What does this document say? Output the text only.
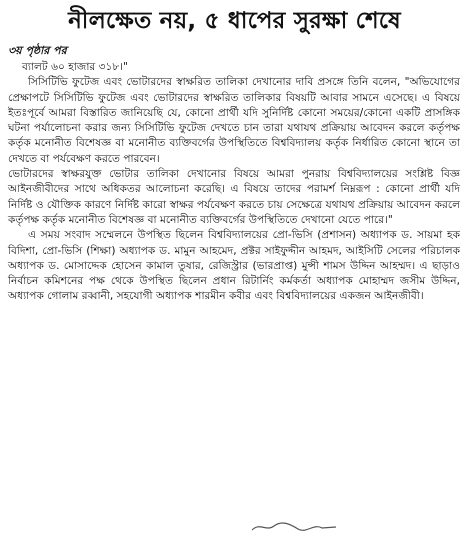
নীলক্ষেত নয়, ৫ ধাপের সুরক্ষা শেষে

৩য় পৃষ্ঠার পর

ব্যালট ৬০ হাজার ৩১৮।"

সিসিটিভি ফুটেজ এবং ভোটারদের স্বাক্ষরিত তালিকা দেখানোর দাবি প্রসঙ্গে তিনি বলেন, "অভিযোগের প্রেক্ষাপটে সিসিটিভি ফুটেজ এবং ভোটারদের স্বাক্ষরিত তালিকার বিষয়টি আবার সামনে এসেছে। এ বিষয়ে ইতঃপূর্বে আমরা বিস্তারিত জানিয়েছি যে, কোনো প্রার্থী যদি সুনির্দিষ্ট কোনো সময়ের/কোনো একটি প্রাসঙ্গিক ঘটনা পর্যালোচনা করার জন্য সিসিটিভি ফুটেজ দেখতে চান তারা যথাযথ প্রক্রিয়ায় আবেদন করলে কর্তৃপক্ষ কর্তৃক মনোনীত বিশেষজ্ঞ বা মনোনীত ব্যক্তিবর্গের উপস্থিতিতে বিশ্ববিদ্যালয় কর্তৃক নির্ধারিত কোনো স্থানে তা দেখতে বা পর্যবেক্ষণ করতে পারবেন।

ভোটারদের স্বাক্ষরযুক্ত ভোটার তালিকা দেখানোর বিষয়ে আমরা পুনরায় বিশ্ববিদ্যালয়ের সংশ্লিষ্ট বিজ্ঞ আইনজীবীদের সাথে অধিকতর আলোচনা করেছি। এ বিষয়ে তাদের পরামর্শ নিম্নরূপ : কোনো প্রার্থী যদি নির্দিষ্ট ও যৌক্তিক কারণে নির্দিষ্ট কারো স্বাক্ষর পর্যবেক্ষণ করতে চায় সেক্ষেত্রে যথাযথ প্রক্রিয়ায় আবেদন করলে কর্তৃপক্ষ কর্তৃক মনোনীত বিশেষজ্ঞ বা মনোনীত ব্যক্তিবর্গের উপস্থিতিতে দেখানো যেতে পারে।"

এ সময় সংবাদ সম্মেলনে উপস্থিত ছিলেন বিশ্ববিদ্যালয়ের প্রো-ভিসি (প্রশাসন) অধ্যাপক ড. সায়মা হক বিদিশা, প্রো-ভিসি (শিক্ষা) অধ্যাপক ড. মামুন আহমেদ, প্রক্টর সাইফুদ্দীন আহমদ, আইসিটি সেলের পরিচালক অধ্যাপক ড. মোসাদ্দেক হোসেন কামাল তুষার, রেজিস্ট্রার (ভারপ্রাপ্ত) মুন্সী শামস উদ্দিন আহম্মদ। এ ছাড়াও নির্বাচন কমিশনের পক্ষ থেকে উপস্থিত ছিলেন প্রধান রিটার্নিং কর্মকর্তা অধ্যাপক মোহাম্মদ জসীম উদ্দিন, অধ্যাপক গোলাম রব্বানী, সহযোগী অধ্যাপক শারমীন কবীর এবং বিশ্ববিদ্যালয়ের একজন আইনজীবী।
